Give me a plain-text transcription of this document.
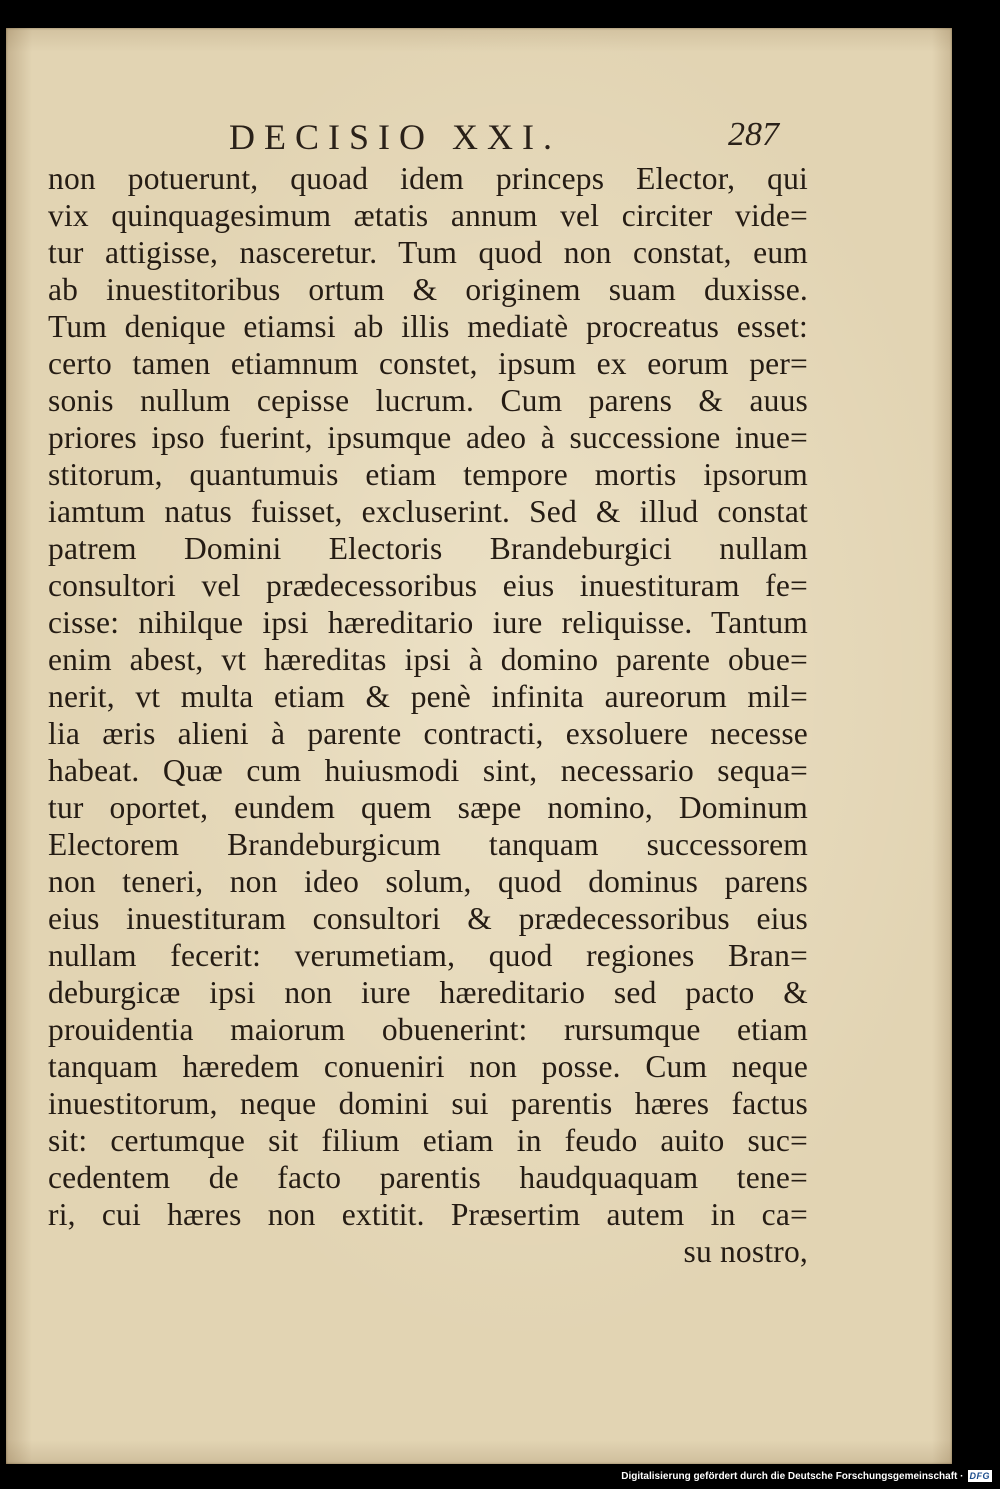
DECISIO XXI.	287
non potuerunt, quoad idem princeps Elector, qui
vix quinquagesimum ætatis annum vel circiter vide=
tur attigisse, nasceretur. Tum quod non constat, eum
ab inuestitoribus ortum & originem suam duxisse.
Tum denique etiamsi ab illis mediatè procreatus esset:
certo tamen etiamnum constet, ipsum ex eorum per=
sonis nullum cepisse lucrum. Cum parens & auus
priores ipso fuerint, ipsumque adeo à successione inue=
stitorum, quantumuis etiam tempore mortis ipsorum
iamtum natus fuisset, excluserint. Sed & illud constat
patrem Domini Electoris Brandeburgici nullam
consultori vel prædecessoribus eius inuestituram fe=
cisse: nihilque ipsi hæreditario iure reliquisse. Tantum
enim abest, vt hæreditas ipsi à domino parente obue=
nerit, vt multa etiam & penè infinita aureorum mil=
lia æris alieni à parente contracti, exsoluere necesse
habeat. Quæ cum huiusmodi sint, necessario sequa=
tur oportet, eundem quem sæpe nomino, Dominum
Electorem Brandeburgicum tanquam successorem
non teneri, non ideo solum, quod dominus parens
eius inuestituram consultori & prædecessoribus eius
nullam fecerit: verumetiam, quod regiones Bran=
deburgicæ ipsi non iure hæreditario sed pacto &
prouidentia maiorum obuenerint: rursumque etiam
tanquam hæredem conueniri non posse. Cum neque
inuestitorum, neque domini sui parentis hæres factus
sit: certumque sit filium etiam in feudo auito suc=
cedentem de facto parentis haudquaquam tene=
ri, cui hæres non extitit. Præsertim autem in ca=
su nostro,
Digitalisierung gefördert durch die Deutsche Forschungsgemeinschaft · DFG
